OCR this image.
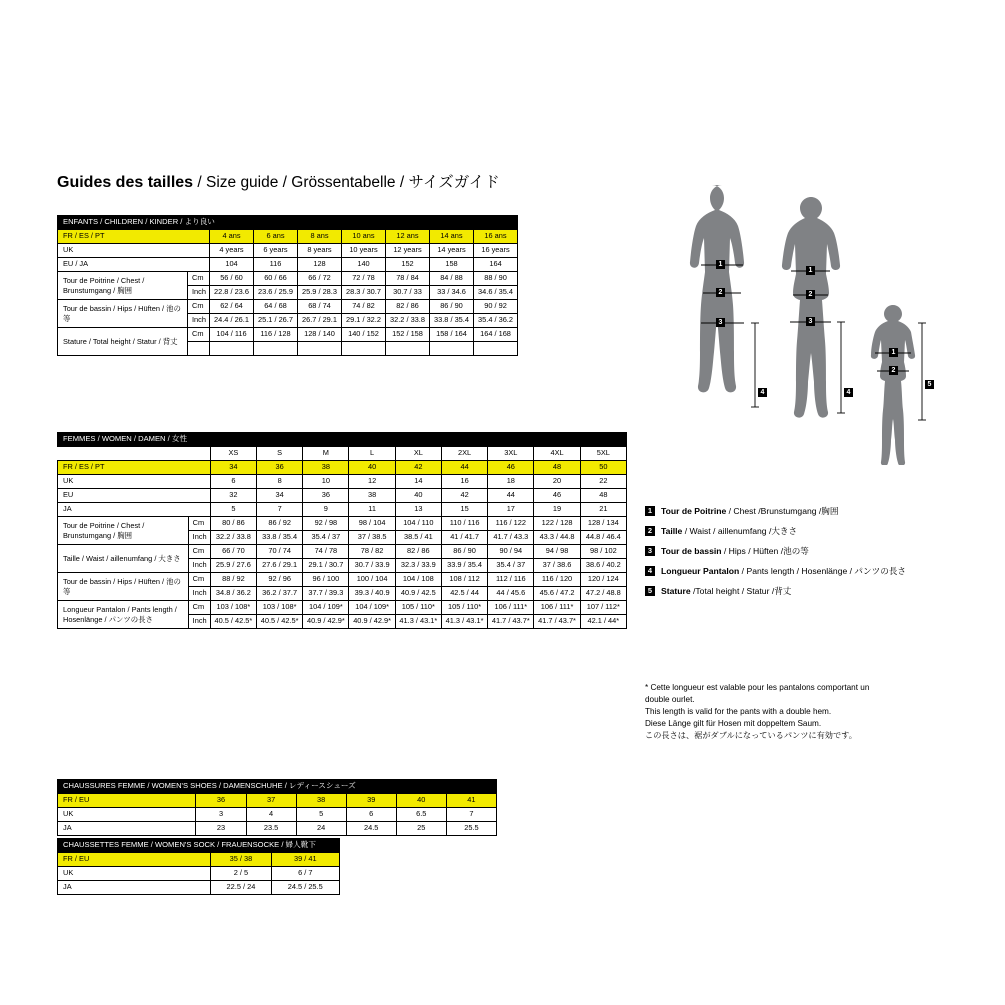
Guides des tailles / Size guide / Grössentabelle / サイズガイド
ENFANTS / CHILDREN / KINDER / より良い								
FR / ES / PT		4 ans	6 ans	8 ans	10 ans	12 ans	14 ans	16 ans
UK		4 years	6 years	8 years	10 years	12 years	14 years	16 years
EU / JA		104	116	128	140	152	158	164
Tour de Poitrine / Chest / Brunstumgang / 胸囲	Cm	56 / 60	60 / 66	66 / 72	72 / 78	78 / 84	84 / 88	88 / 90
	Inch	22.8 / 23.6	23.6 / 25.9	25.9 / 28.3	28.3 / 30.7	30.7 / 33	33 / 34.6	34.6 / 35.4
Tour de bassin / Hips / Hüften / 池の等	Cm	62 / 64	64 / 68	68 / 74	74 / 82	82 / 86	86 / 90	90 / 92
	Inch	24.4 / 26.1	25.1 / 26.7	26.7 / 29.1	29.1 / 32.2	32.2 / 33.8	33.8 / 35.4	35.4 / 36.2
Stature / Total height / Statur / 背丈	Cm	104 / 116	116 / 128	128 / 140	140 / 152	152 / 158	158 / 164	164 / 168

FEMMES / WOMEN / DAMEN / 女性										
		XS	S	M	L	XL	2XL	3XL	4XL	5XL
FR / ES / PT		34	36	38	40	42	44	46	48	50
UK		6	8	10	12	14	16	18	20	22
EU		32	34	36	38	40	42	44	46	48
JA		5	7	9	11	13	15	17	19	21
Tour de Poitrine / Chest / Brunstumgang / 胸囲	Cm	80 / 86	86 / 92	92 / 98	98 / 104	104 / 110	110 / 116	116 / 122	122 / 128	128 / 134
	Inch	32.2 / 33.8	33.8 / 35.4	35.4 / 37	37 / 38.5	38.5 / 41	41 / 41.7	41.7 / 43.3	43.3 / 44.8	44.8 / 46.4
Taille / Waist / aillenumfang / 大きさ	Cm	66 / 70	70 / 74	74 / 78	78 / 82	82 / 86	86 / 90	90 / 94	94 / 98	98 / 102
	Inch	25.9 / 27.6	27.6 / 29.1	29.1 / 30.7	30.7 / 33.9	32.3 / 33.9	33.9 / 35.4	35.4 / 37	37 / 38.6	38.6 / 40.2
Tour de bassin / Hips / Hüften / 池の等	Cm	88 / 92	92 / 96	96 / 100	100 / 104	104 / 108	108 / 112	112 / 116	116 / 120	120 / 124
	Inch	34.8 / 36.2	36.2 / 37.7	37.7 / 39.3	39.3 / 40.9	40.9 / 42.5	42.5 / 44	44 / 45.6	45.6 / 47.2	47.2 / 48.8
Longueur Pantalon / Pants length / Hosenlänge / パンツの長さ	Cm	103 / 108*	103 / 108*	104 / 109*	104 / 109*	105 / 110*	105 / 110*	106 / 111*	106 / 111*	107 / 112*
	Inch	40.5 / 42.5*	40.5 / 42.5*	40.9 / 42.9*	40.9 / 42.9*	41.3 / 43.1*	41.3 / 43.1*	41.7 / 43.7*	41.7 / 43.7*	42.1 / 44*
CHAUSSURES FEMME / WOMEN'S SHOES / DAMENSCHUHE / レディースシューズ						
FR / EU	36	37	38	39	40	41
UK	3	4	5	6	6.5	7
JA	23	23.5	24	24.5	25	25.5
CHAUSSETTES FEMME / WOMEN'S SOCK / FRAUENSOCKE / 婦人靴下		
FR / EU	35 / 38	39 / 41
UK	2 / 5	6 / 7
JA	22.5 / 24	24.5 / 25.5
1
2
3
4
1
2
3
4
1
2
5
1	Tour de Poitrine / Chest /Brunstumgang /胸囲
2	Taille / Waist / aillenumfang /大きさ
3	Tour de bassin / Hips / Hüften /池の等
4	Longueur Pantalon / Pants length / Hosenlänge / パンツの長さ
5	Stature /Total height / Statur /背丈
* Cette longueur est valable pour les pantalons comportant un
double ourlet.
This length is valid for the pants with a double hem.
Diese Länge gilt für Hosen mit doppeltem Saum.
この長さは、裾がダブルになっているパンツに有効です。
